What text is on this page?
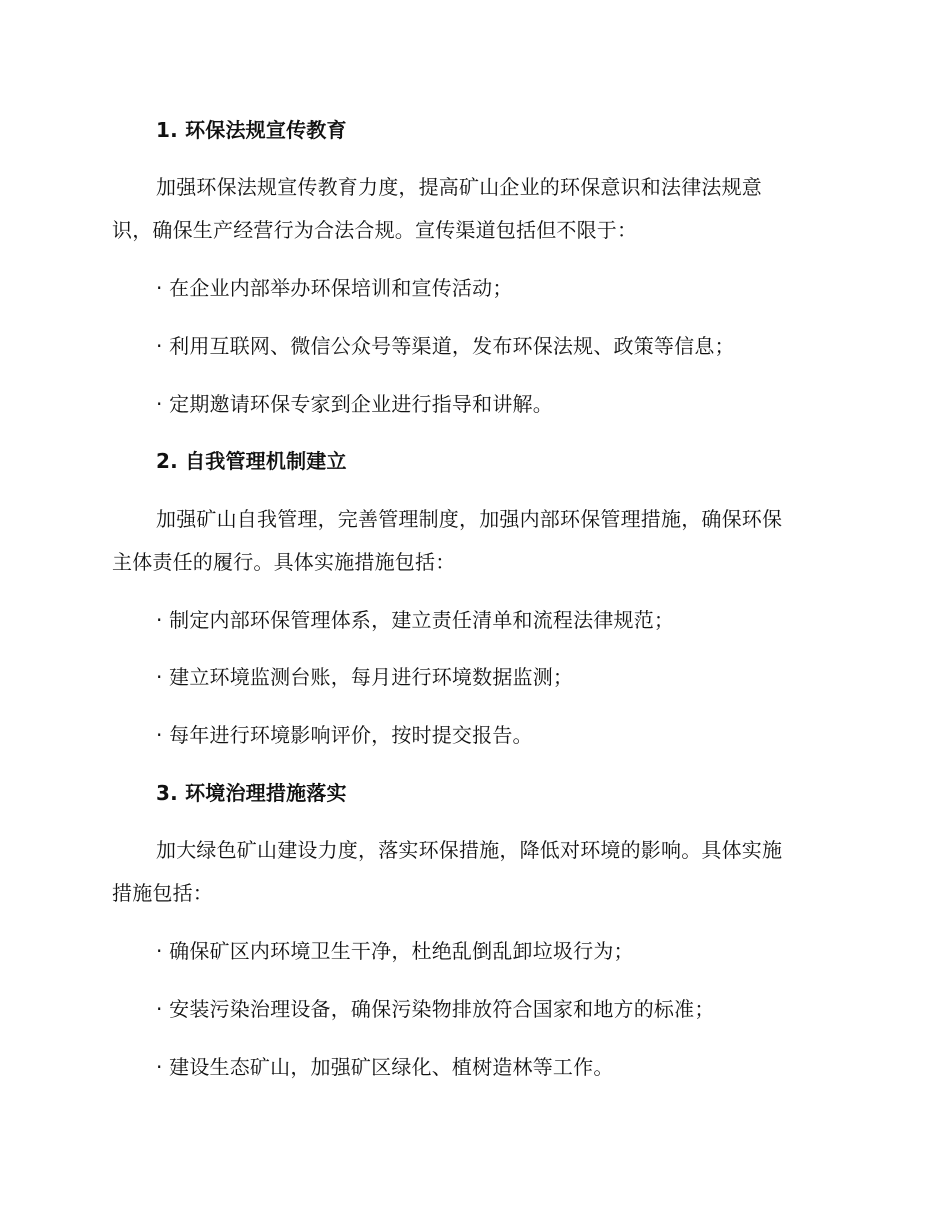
1. 环保法规宣传教育
加强环保法规宣传教育力度，提高矿山企业的环保意识和法律法规意
识，确保生产经营行为合法合规。宣传渠道包括但不限于：
· 在企业内部举办环保培训和宣传活动；
· 利用互联网、微信公众号等渠道，发布环保法规、政策等信息；
· 定期邀请环保专家到企业进行指导和讲解。
2. 自我管理机制建立
加强矿山自我管理，完善管理制度，加强内部环保管理措施，确保环保
主体责任的履行。具体实施措施包括：
· 制定内部环保管理体系，建立责任清单和流程法律规范；
· 建立环境监测台账，每月进行环境数据监测；
· 每年进行环境影响评价，按时提交报告。
3. 环境治理措施落实
加大绿色矿山建设力度，落实环保措施，降低对环境的影响。具体实施
措施包括：
· 确保矿区内环境卫生干净，杜绝乱倒乱卸垃圾行为；
· 安装污染治理设备，确保污染物排放符合国家和地方的标准；
· 建设生态矿山，加强矿区绿化、植树造林等工作。
